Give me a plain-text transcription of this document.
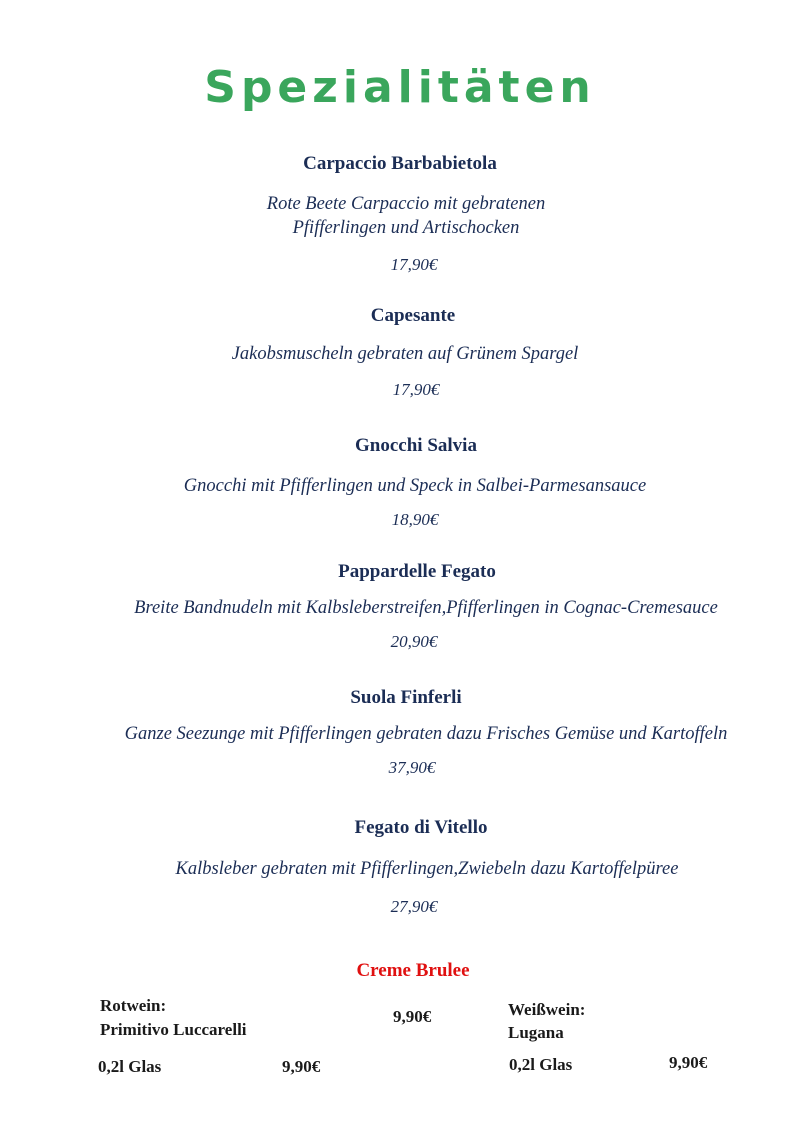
Spezialitäten
Carpaccio Barbabietola
Rote Beete Carpaccio mit gebratenen
Pfifferlingen und Artischocken
17,90€
Capesante
Jakobsmuscheln gebraten auf Grünem Spargel
17,90€
Gnocchi Salvia
Gnocchi mit Pfifferlingen und Speck in Salbei-Parmesansauce
18,90€
Pappardelle Fegato
Breite Bandnudeln mit Kalbsleberstreifen,Pfifferlingen in Cognac-Cremesauce
20,90€
Suola Finferli
Ganze Seezunge mit Pfifferlingen gebraten dazu Frisches Gemüse und Kartoffeln
37,90€
Fegato di Vitello
Kalbsleber gebraten mit Pfifferlingen,Zwiebeln dazu Kartoffelpüree
27,90€
Creme Brulee
9,90€
Rotwein:
Primitivo Luccarelli
0,2l Glas	9,90€
Weißwein:
Lugana
0,2l Glas	9,90€
